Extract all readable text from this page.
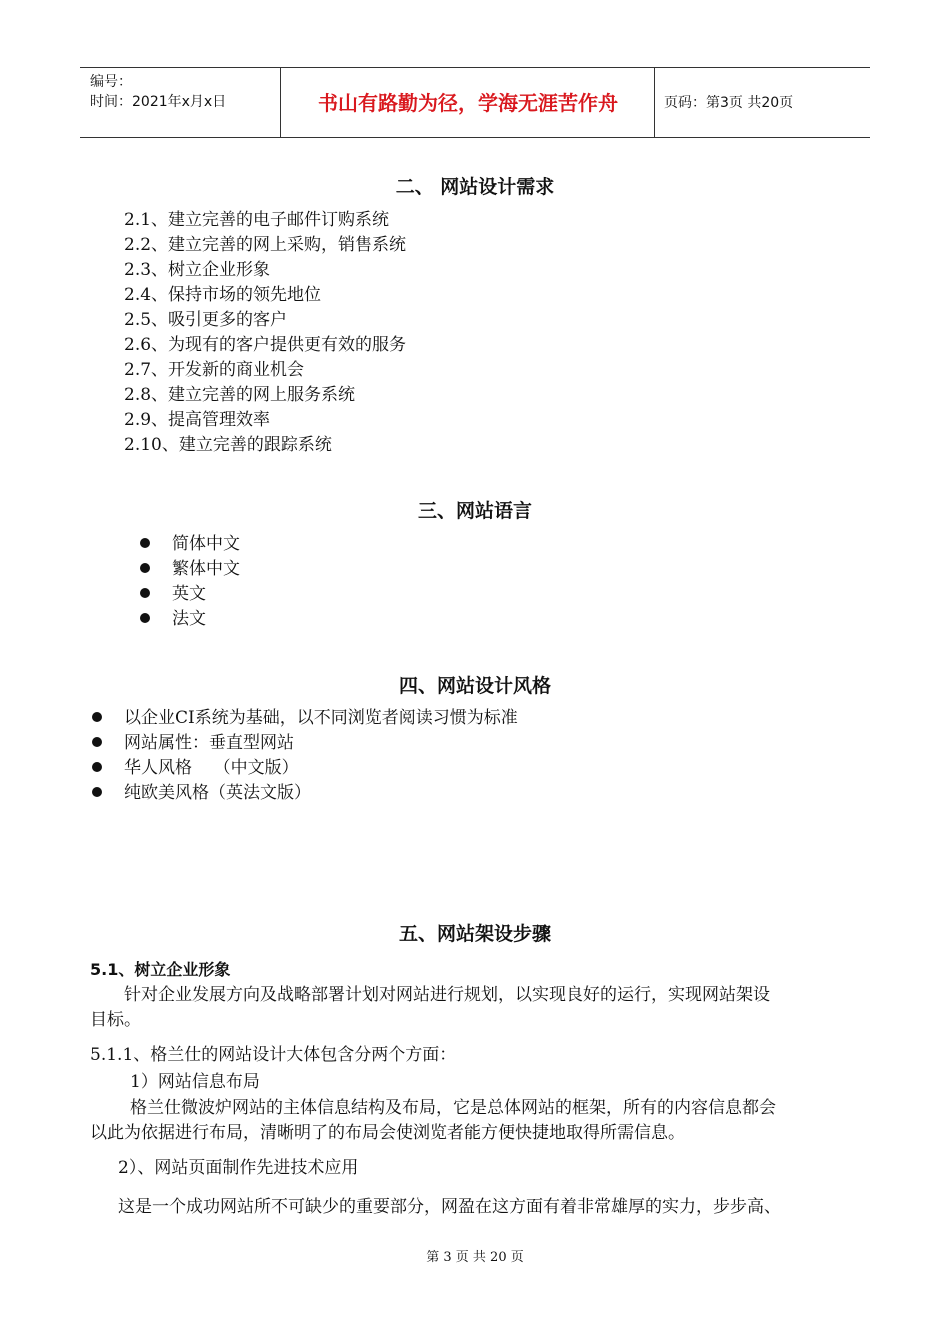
编号：
时间：2021年x月x日	书山有路勤为径，学海无涯苦作舟	页码：第3页 共20页
二、 网站设计需求
2.1、建立完善的电子邮件订购系统
2.2、建立完善的网上采购，销售系统
2.3、树立企业形象
2.4、保持市场的领先地位
2.5、吸引更多的客户
2.6、为现有的客户提供更有效的服务
2.7、开发新的商业机会
2.8、建立完善的网上服务系统
2.9、提高管理效率
2.10、建立完善的跟踪系统
三、网站语言
简体中文
繁体中文
英文
法文
四、网站设计风格
以企业CI系统为基础，以不同浏览者阅读习惯为标准
网站属性：垂直型网站
华人风格    （中文版）
纯欧美风格（英法文版）
五、网站架设步骤
5.1、树立企业形象
针对企业发展方向及战略部署计划对网站进行规划，以实现良好的运行，实现网站架设
目标。
5.1.1、格兰仕的网站设计大体包含分两个方面：
1）网站信息布局
格兰仕微波炉网站的主体信息结构及布局，它是总体网站的框架，所有的内容信息都会
以此为依据进行布局，清晰明了的布局会使浏览者能方便快捷地取得所需信息。
2）、网站页面制作先进技术应用
这是一个成功网站所不可缺少的重要部分，网盈在这方面有着非常雄厚的实力，步步高、
第 3 页 共 20 页
